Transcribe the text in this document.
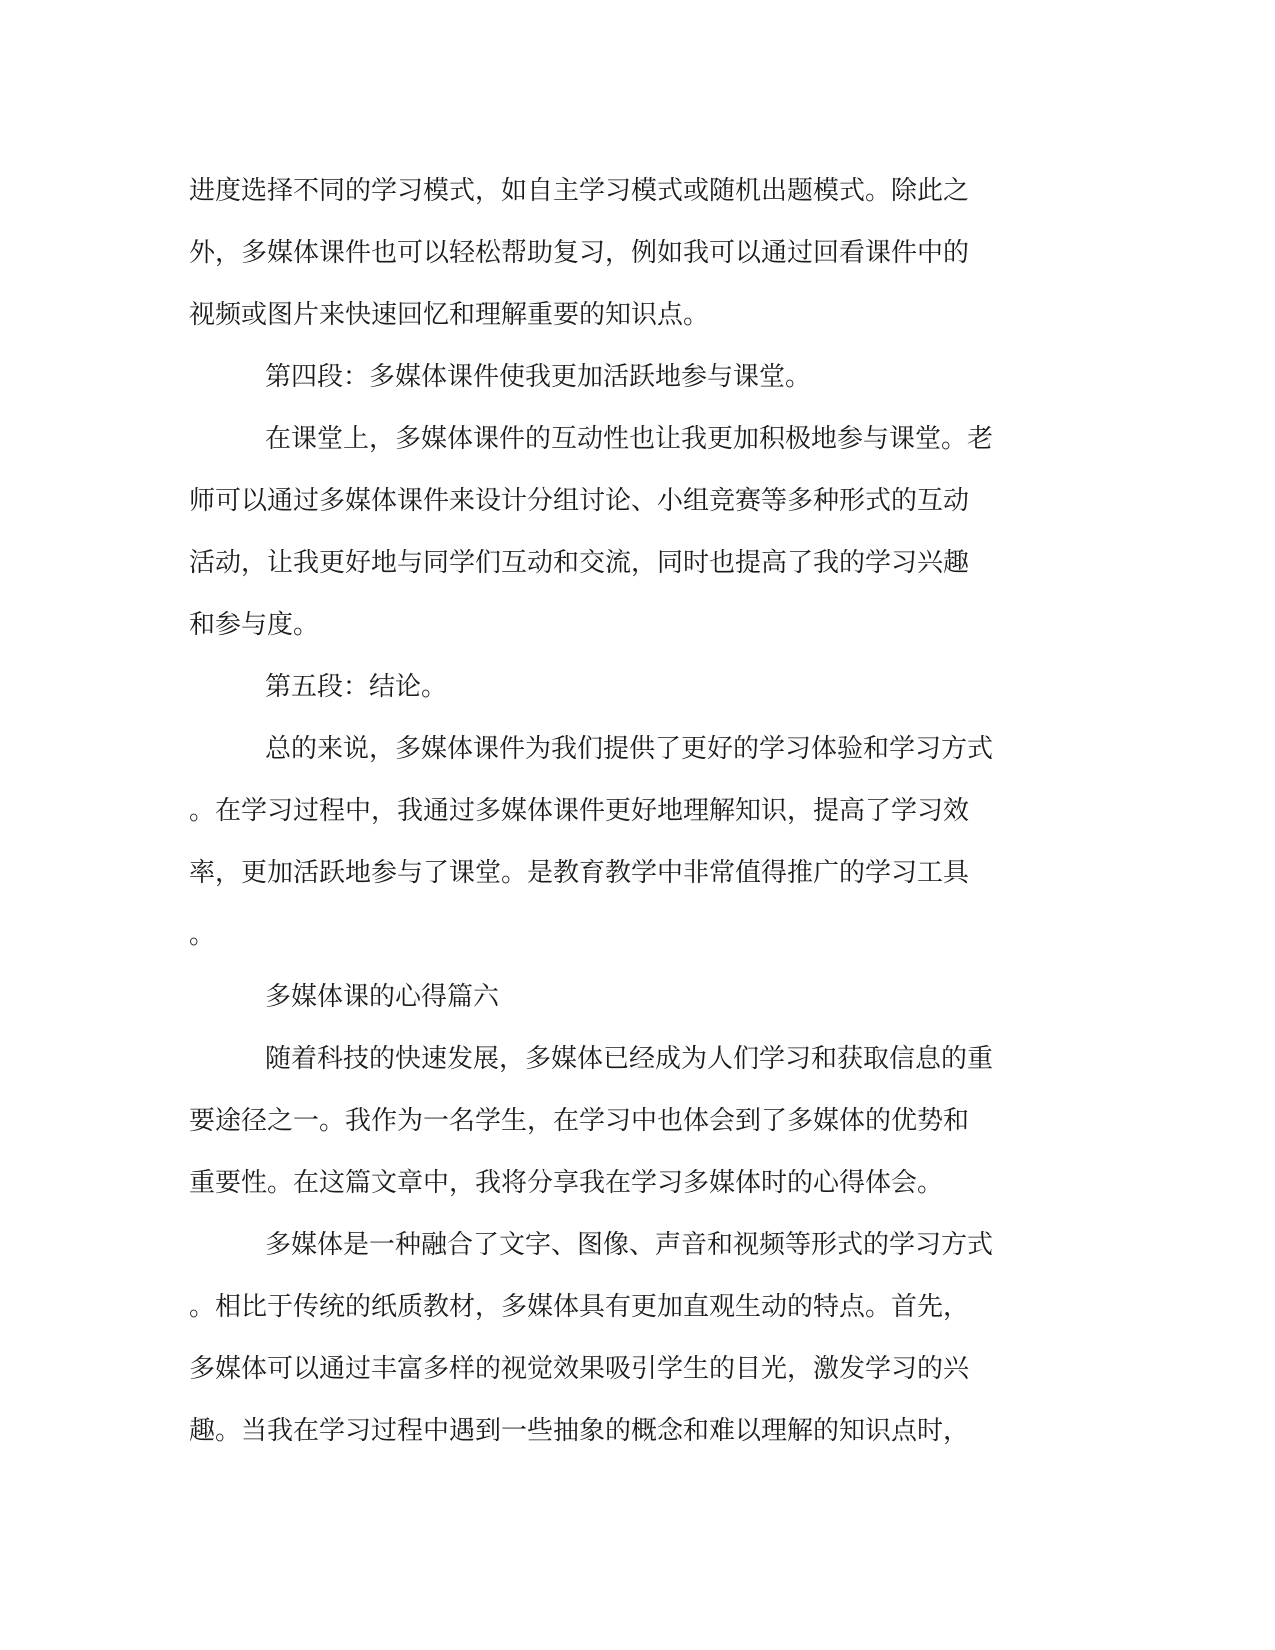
进度选择不同的学习模式，如自主学习模式或随机出题模式。除此之
外，多媒体课件也可以轻松帮助复习，例如我可以通过回看课件中的
视频或图片来快速回忆和理解重要的知识点。
第四段：多媒体课件使我更加活跃地参与课堂。
在课堂上，多媒体课件的互动性也让我更加积极地参与课堂。老
师可以通过多媒体课件来设计分组讨论、小组竞赛等多种形式的互动
活动，让我更好地与同学们互动和交流，同时也提高了我的学习兴趣
和参与度。
第五段：结论。
总的来说，多媒体课件为我们提供了更好的学习体验和学习方式
。在学习过程中，我通过多媒体课件更好地理解知识，提高了学习效
率，更加活跃地参与了课堂。是教育教学中非常值得推广的学习工具
。
多媒体课的心得篇六
随着科技的快速发展，多媒体已经成为人们学习和获取信息的重
要途径之一。我作为一名学生，在学习中也体会到了多媒体的优势和
重要性。在这篇文章中，我将分享我在学习多媒体时的心得体会。
多媒体是一种融合了文字、图像、声音和视频等形式的学习方式
。相比于传统的纸质教材，多媒体具有更加直观生动的特点。首先，
多媒体可以通过丰富多样的视觉效果吸引学生的目光，激发学习的兴
趣。当我在学习过程中遇到一些抽象的概念和难以理解的知识点时，
